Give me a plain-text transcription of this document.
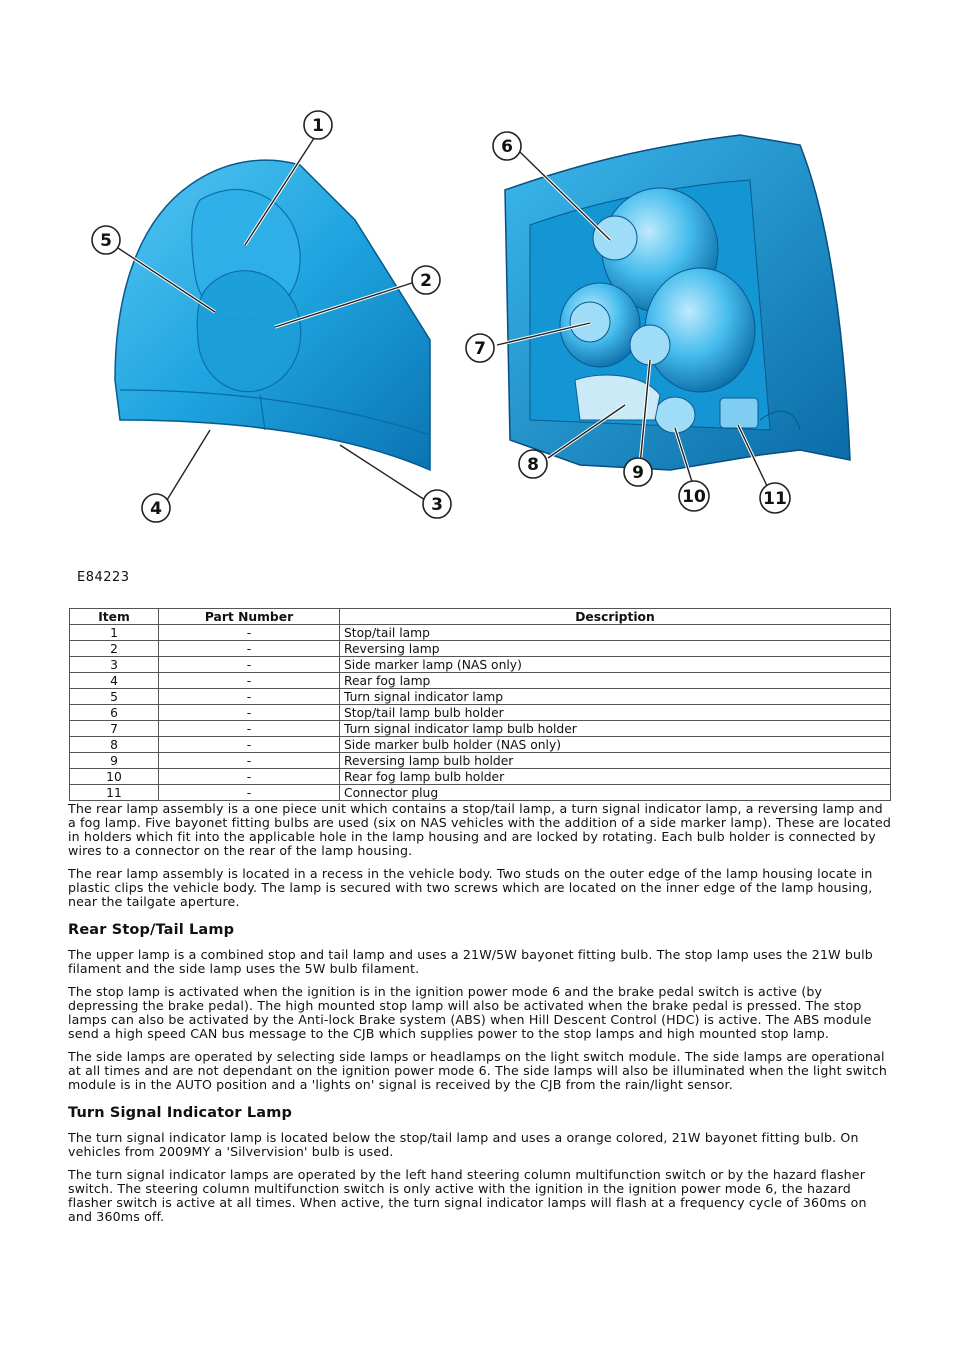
1
2
3
4
5
6
7
8	9
10	11
E84223
Item	Part Number	Description
1	-	Stop/tail lamp
2	-	Reversing lamp
3	-	Side marker lamp (NAS only)
4	-	Rear fog lamp
5	-	Turn signal indicator lamp
6	-	Stop/tail lamp bulb holder
7	-	Turn signal indicator lamp bulb holder
8	-	Side marker bulb holder (NAS only)
9	-	Reversing lamp bulb holder
10	-	Rear fog lamp bulb holder
11	-	Connector plug

The rear lamp assembly is a one piece unit which contains a stop/tail lamp, a turn signal indicator lamp, a reversing lamp and a fog lamp. Five bayonet fitting bulbs are used (six on NAS vehicles with the addition of a side marker lamp). These are located in holders which fit into the applicable hole in the lamp housing and are locked by rotating. Each bulb holder is connected by wires to a connector on the rear of the lamp housing.

The rear lamp assembly is located in a recess in the vehicle body. Two studs on the outer edge of the lamp housing locate in plastic clips the vehicle body. The lamp is secured with two screws which are located on the inner edge of the lamp housing, near the tailgate aperture.

Rear Stop/Tail Lamp

The upper lamp is a combined stop and tail lamp and uses a 21W/5W bayonet fitting bulb. The stop lamp uses the 21W bulb filament and the side lamp uses the 5W bulb filament.

The stop lamp is activated when the ignition is in the ignition power mode 6 and the brake pedal switch is active (by depressing the brake pedal). The high mounted stop lamp will also be activated when the brake pedal is pressed. The stop lamps can also be activated by the Anti-lock Brake system (ABS) when Hill Descent Control (HDC) is active. The ABS module send a high speed CAN bus message to the CJB which supplies power to the stop lamps and high mounted stop lamp.

The side lamps are operated by selecting side lamps or headlamps on the light switch module. The side lamps are operational at all times and are not dependant on the ignition power mode 6. The side lamps will also be illuminated when the light switch module is in the AUTO position and a 'lights on' signal is received by the CJB from the rain/light sensor.

Turn Signal Indicator Lamp

The turn signal indicator lamp is located below the stop/tail lamp and uses a orange colored, 21W bayonet fitting bulb. On vehicles from 2009MY a 'Silvervision' bulb is used.

The turn signal indicator lamps are operated by the left hand steering column multifunction switch or by the hazard flasher switch. The steering column multifunction switch is only active with the ignition in the ignition power mode 6, the hazard flasher switch is active at all times. When active, the turn signal indicator lamps will flash at a frequency cycle of 360ms on and 360ms off.
